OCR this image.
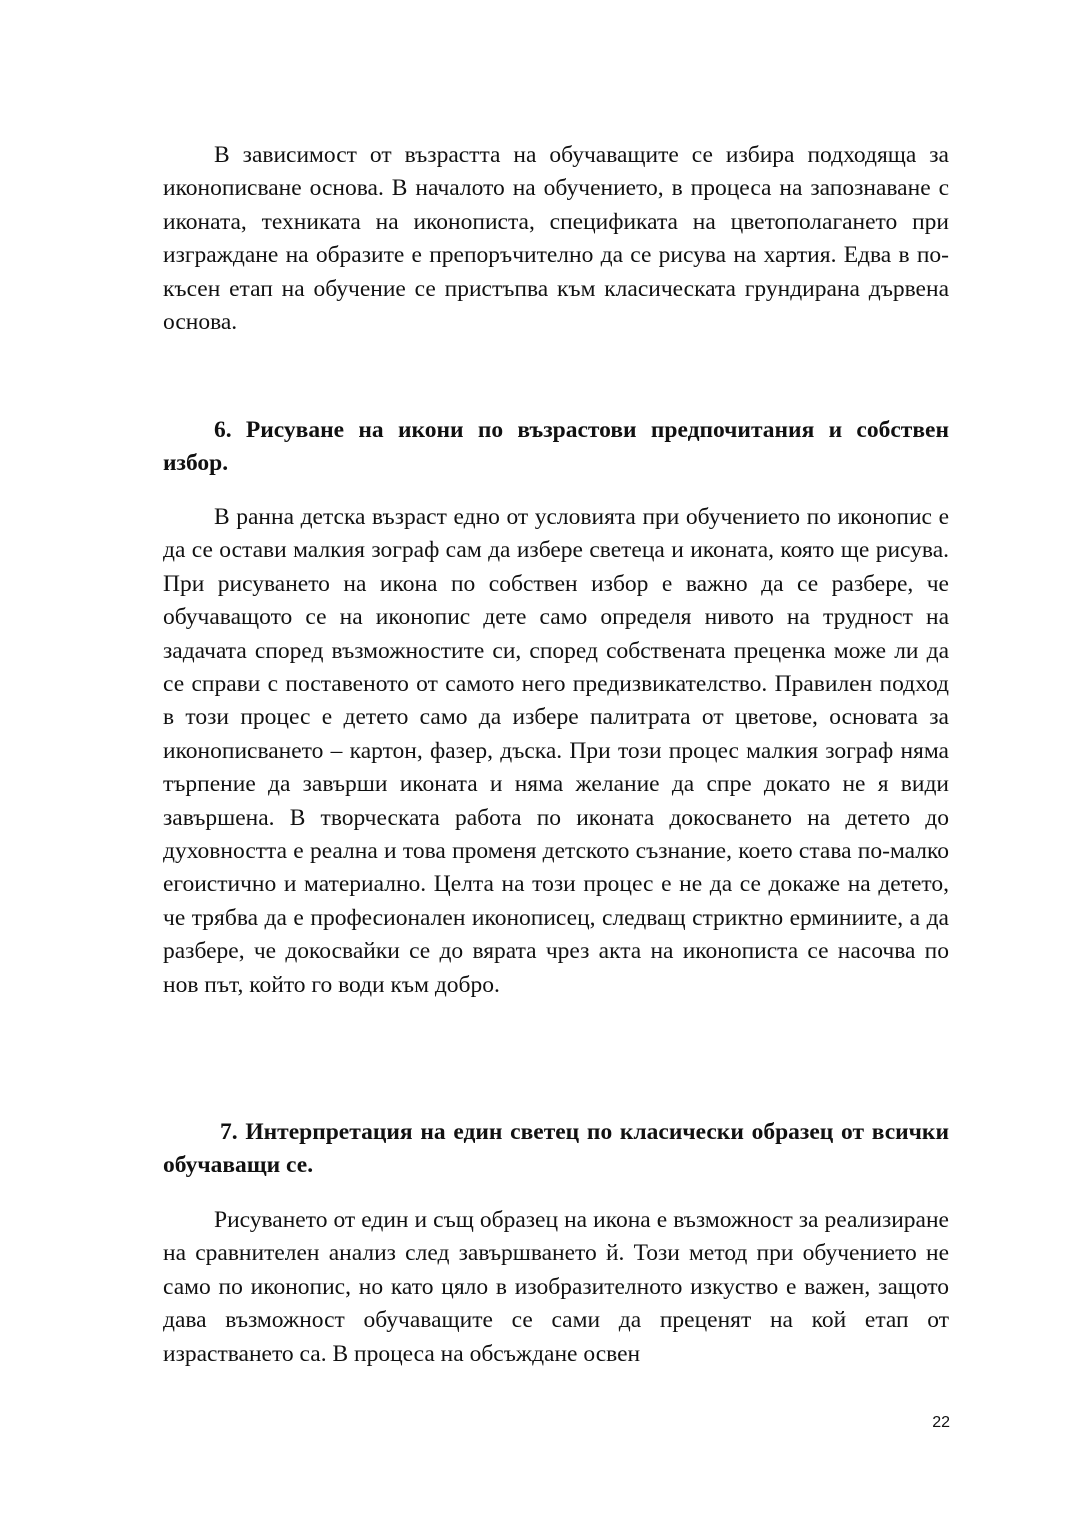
В зависимост от възрастта на обучаващите се избира подходяща за иконописване основа. В началото на обучението, в процеса на запознаване с иконата, техниката на иконописта, спецификата на цветополагането при изграждане на образите е препоръчително да се рисува на хартия. Едва в по-късен етап на обучение се пристъпва към класическата грундирана дървена основа.

6. Рисуване на икони по възрастови предпочитания и собствен избор.

В ранна детска възраст едно от условията при обучението по иконопис е да се остави малкия зограф сам да избере светеца и иконата, която ще рисува. При рисуването на икона по собствен избор е важно да се разбере, че обучаващото се на иконопис дете само определя нивото на трудност на задачата според възможностите си, според собствената преценка може ли да се справи с поставеното от самото него предизвикателство. Правилен подход в този процес е детето само да избере палитрата от цветове, основата за иконописването – картон, фазер, дъска. При този процес малкия зограф няма търпение да завърши иконата и няма желание да спре докато не я види завършена. В творческата работа по иконата докосването на детето до духовността е реална и това променя детското съзнание, което става по-малко егоистично и материално. Целта на този процес е не да се докаже на детето, че трябва да е професионален иконописец, следващ стриктно ерминиите, а да разбере, че докосвайки се до вярата чрез акта на иконописта се насочва по нов път, който го води към добро.

7. Интерпретация на един светец по класически образец от всички обучаващи се.

Рисуването от един и същ образец на икона е възможност за реализиране на сравнителен анализ след завършването й. Този метод при обучението не само по иконопис, но като цяло в изобразителното изкуство е важен, защото дава възможност обучаващите се сами да преценят на кой етап от израстването са. В процеса на обсъждане освен

22
